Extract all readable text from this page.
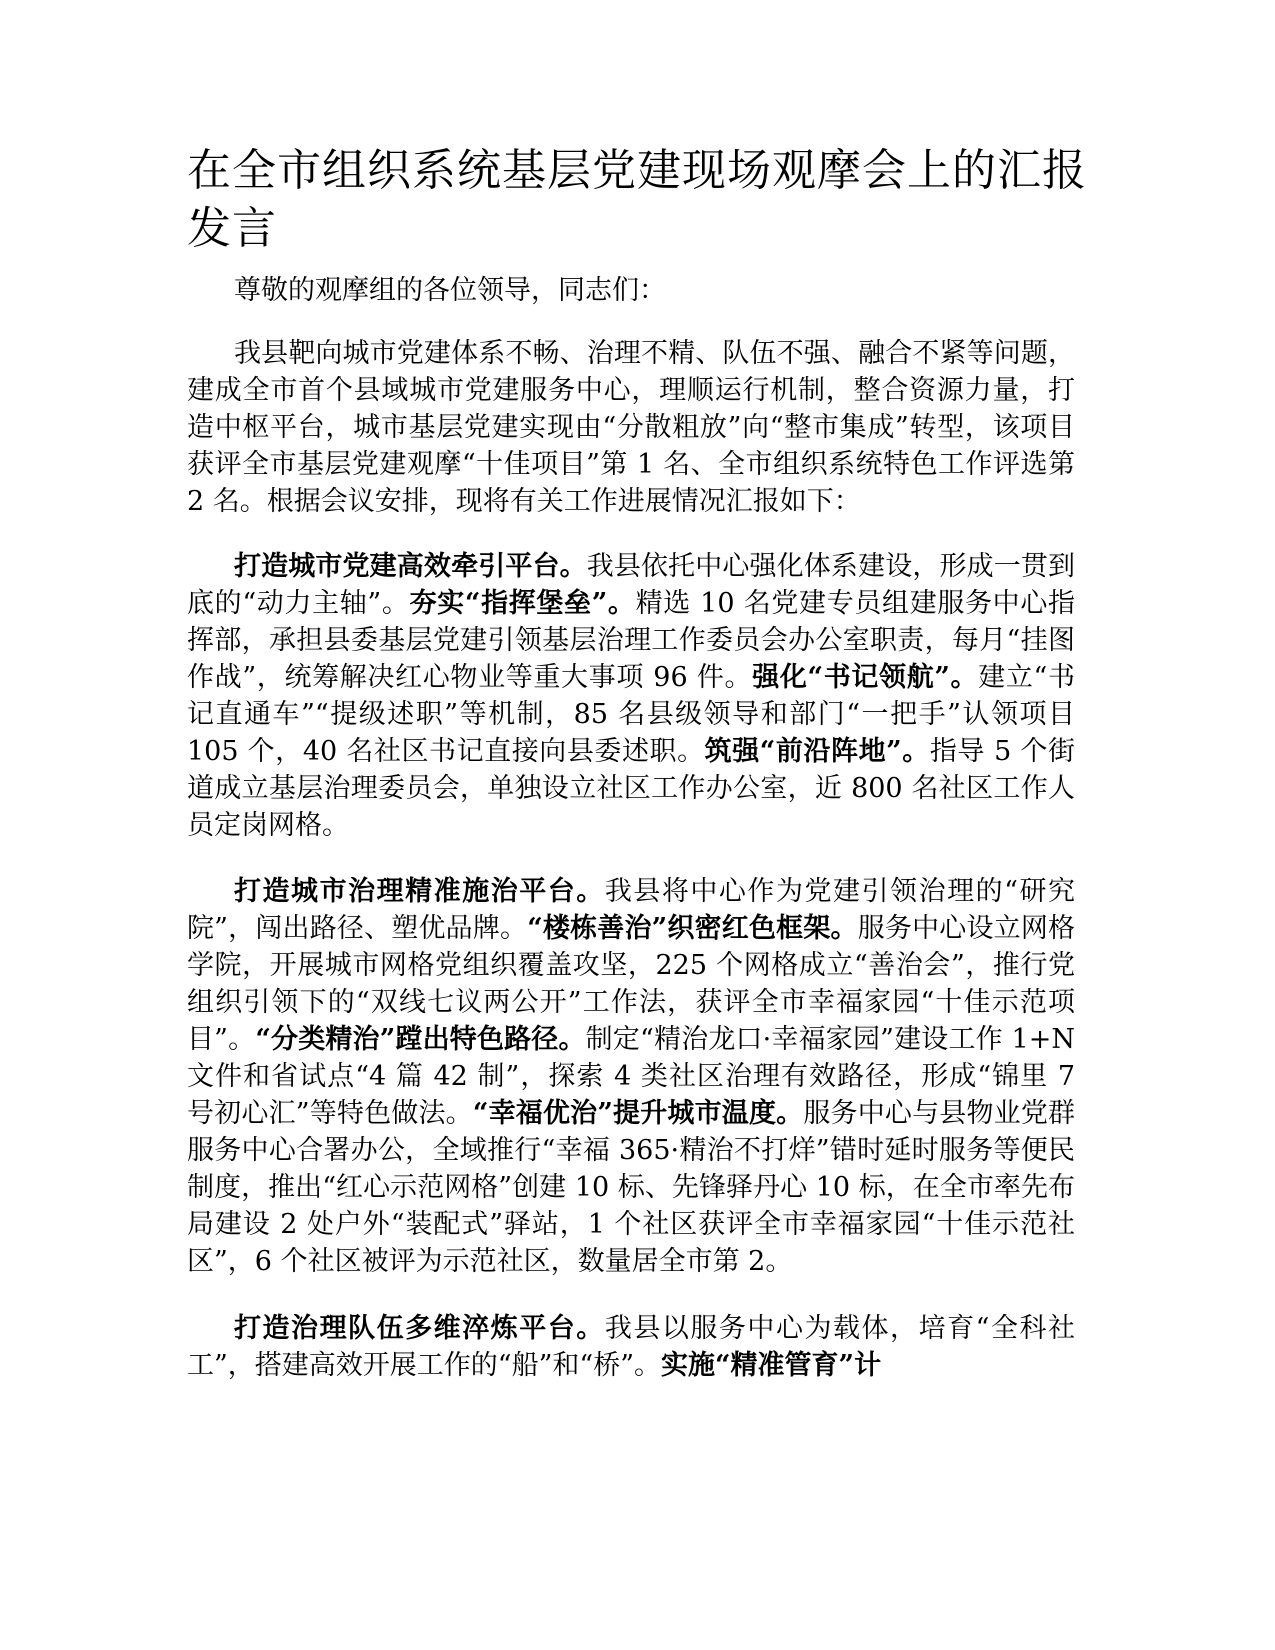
在全市组织系统基层党建现场观摩会上的汇报发言

尊敬的观摩组的各位领导，同志们：

我县靶向城市党建体系不畅、治理不精、队伍不强、融合不紧等问题，建成全市首个县域城市党建服务中心，理顺运行机制，整合资源力量，打造中枢平台，城市基层党建实现由“分散粗放”向“整市集成”转型，该项目获评全市基层党建观摩“十佳项目”第 1 名、全市组织系统特色工作评选第 2 名。根据会议安排，现将有关工作进展情况汇报如下：

打造城市党建高效牵引平台。我县依托中心强化体系建设，形成一贯到底的“动力主轴”。夯实“指挥堡垒”。精选 10 名党建专员组建服务中心指挥部，承担县委基层党建引领基层治理工作委员会办公室职责，每月“挂图作战”，统筹解决红心物业等重大事项 96 件。强化“书记领航”。建立“书记直通车”“提级述职”等机制，85 名县级领导和部门“一把手”认领项目 105 个，40 名社区书记直接向县委述职。筑强“前沿阵地”。指导 5 个街道成立基层治理委员会，单独设立社区工作办公室，近 800 名社区工作人员定岗网格。

打造城市治理精准施治平台。我县将中心作为党建引领治理的“研究院”，闯出路径、塑优品牌。“楼栋善治”织密红色框架。服务中心设立网格学院，开展城市网格党组织覆盖攻坚，225 个网格成立“善治会”，推行党组织引领下的“双线七议两公开”工作法，获评全市幸福家园“十佳示范项目”。“分类精治”蹚出特色路径。制定“精治龙口·幸福家园”建设工作 1+N 文件和省试点“4 篇 42 制”，探索 4 类社区治理有效路径，形成“锦里 7 号初心汇”等特色做法。“幸福优治”提升城市温度。服务中心与县物业党群服务中心合署办公，全域推行“幸福 365·精治不打烊”错时延时服务等便民制度，推出“红心示范网格”创建 10 标、先锋驿丹心 10 标，在全市率先布局建设 2 处户外“装配式”驿站，1 个社区获评全市幸福家园“十佳示范社区”，6 个社区被评为示范社区，数量居全市第 2。

打造治理队伍多维淬炼平台。我县以服务中心为载体，培育“全科社工”，搭建高效开展工作的“船”和“桥”。实施“精准管育”计
